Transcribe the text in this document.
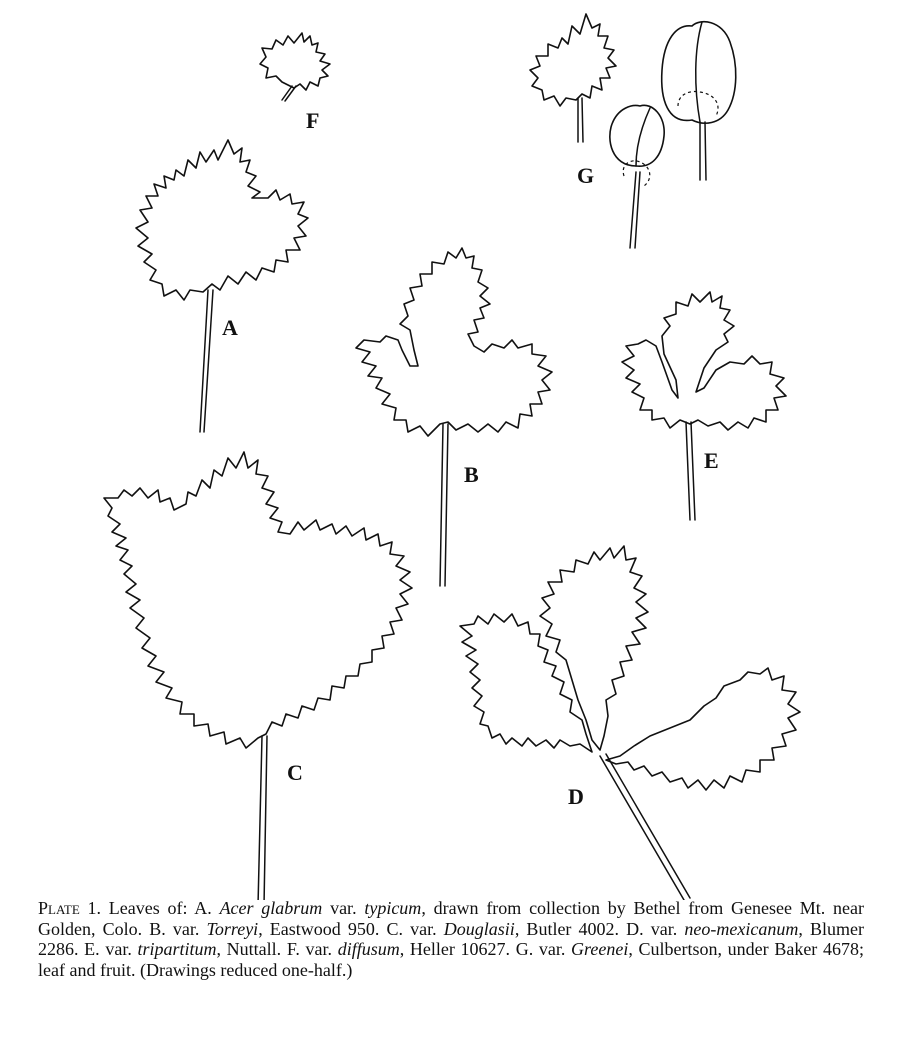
F
A
G
B
E
C
D
Plate 1. Leaves of: A. Acer glabrum var. typicum, drawn from collection by Bethel from Genesee Mt. near Golden, Colo. B. var. Torreyi, Eastwood 950. C. var. Douglasii, Butler 4002. D. var. neo-mexicanum, Blumer 2286. E. var. tripartitum, Nuttall. F. var. diffusum, Heller 10627. G. var. Greenei, Culbertson, under Baker 4678; leaf and fruit. (Drawings reduced one-half.)
